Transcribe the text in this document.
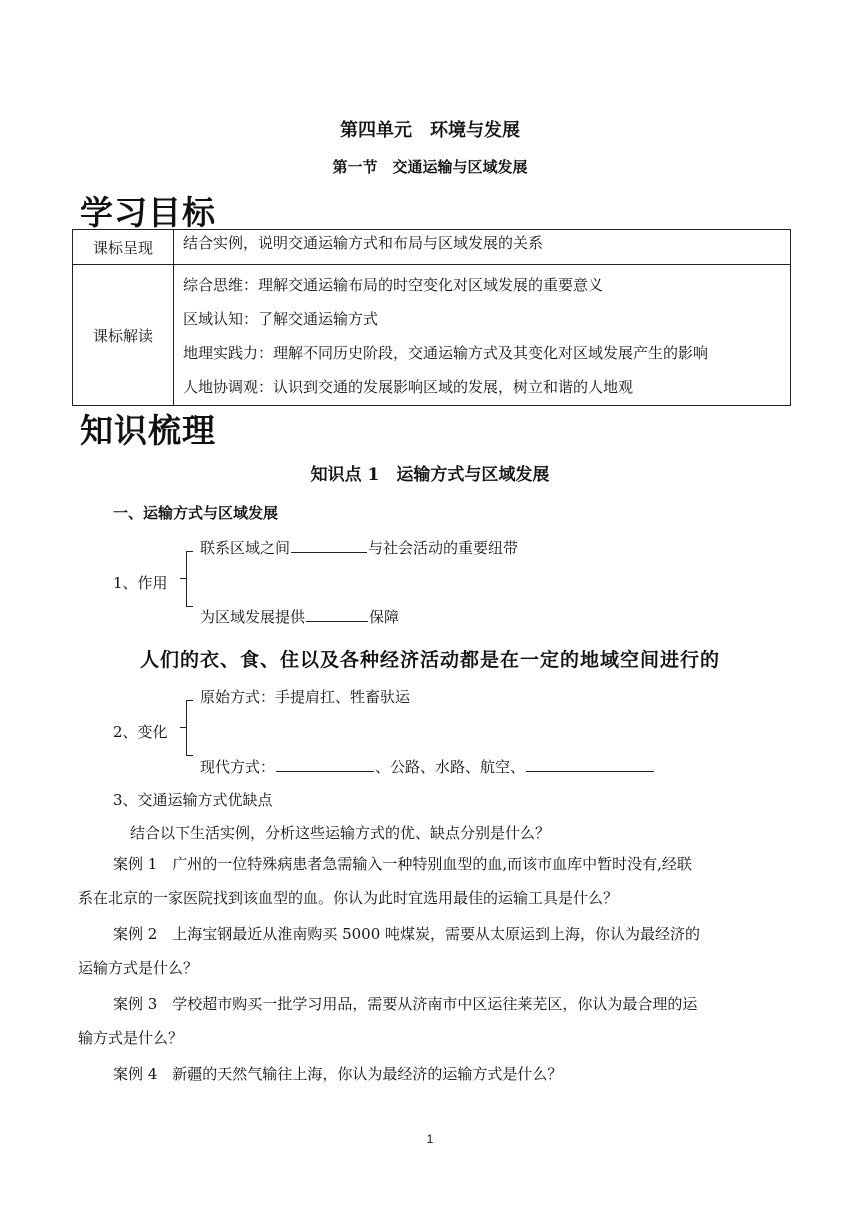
第四单元　环境与发展
第一节　交通运输与区域发展
学习目标
课标呈现	结合实例，说明交通运输方式和布局与区域发展的关系
课标解读	综合思维：理解交通运输布局的时空变化对区域发展的重要意义
区域认知：了解交通运输方式
地理实践力：理解不同历史阶段，交通运输方式及其变化对区域发展产生的影响
人地协调观：认识到交通的发展影响区域的发展，树立和谐的人地观
知识梳理
知识点 1　运输方式与区域发展
一、运输方式与区域发展
联系区域之间	与社会活动的重要纽带
1、作用
为区域发展提供	保障
人们的衣、食、住以及各种经济活动都是在一定的地域空间进行的
原始方式：手提肩扛、牲畜驮运
2、变化
现代方式：	、公路、水路、航空、
3、交通运输方式优缺点
结合以下生活实例，分析这些运输方式的优、缺点分别是什么？
案例 1　广州的一位特殊病患者急需输入一种特别血型的血,而该市血库中暂时没有,经联
系在北京的一家医院找到该血型的血。你认为此时宜选用最佳的运输工具是什么？
案例 2　上海宝钢最近从淮南购买 5000 吨煤炭，需要从太原运到上海，你认为最经济的
运输方式是什么？
案例 3　学校超市购买一批学习用品，需要从济南市中区运往莱芜区，你认为最合理的运
输方式是什么？
案例 4　新疆的天然气输往上海，你认为最经济的运输方式是什么？
1
